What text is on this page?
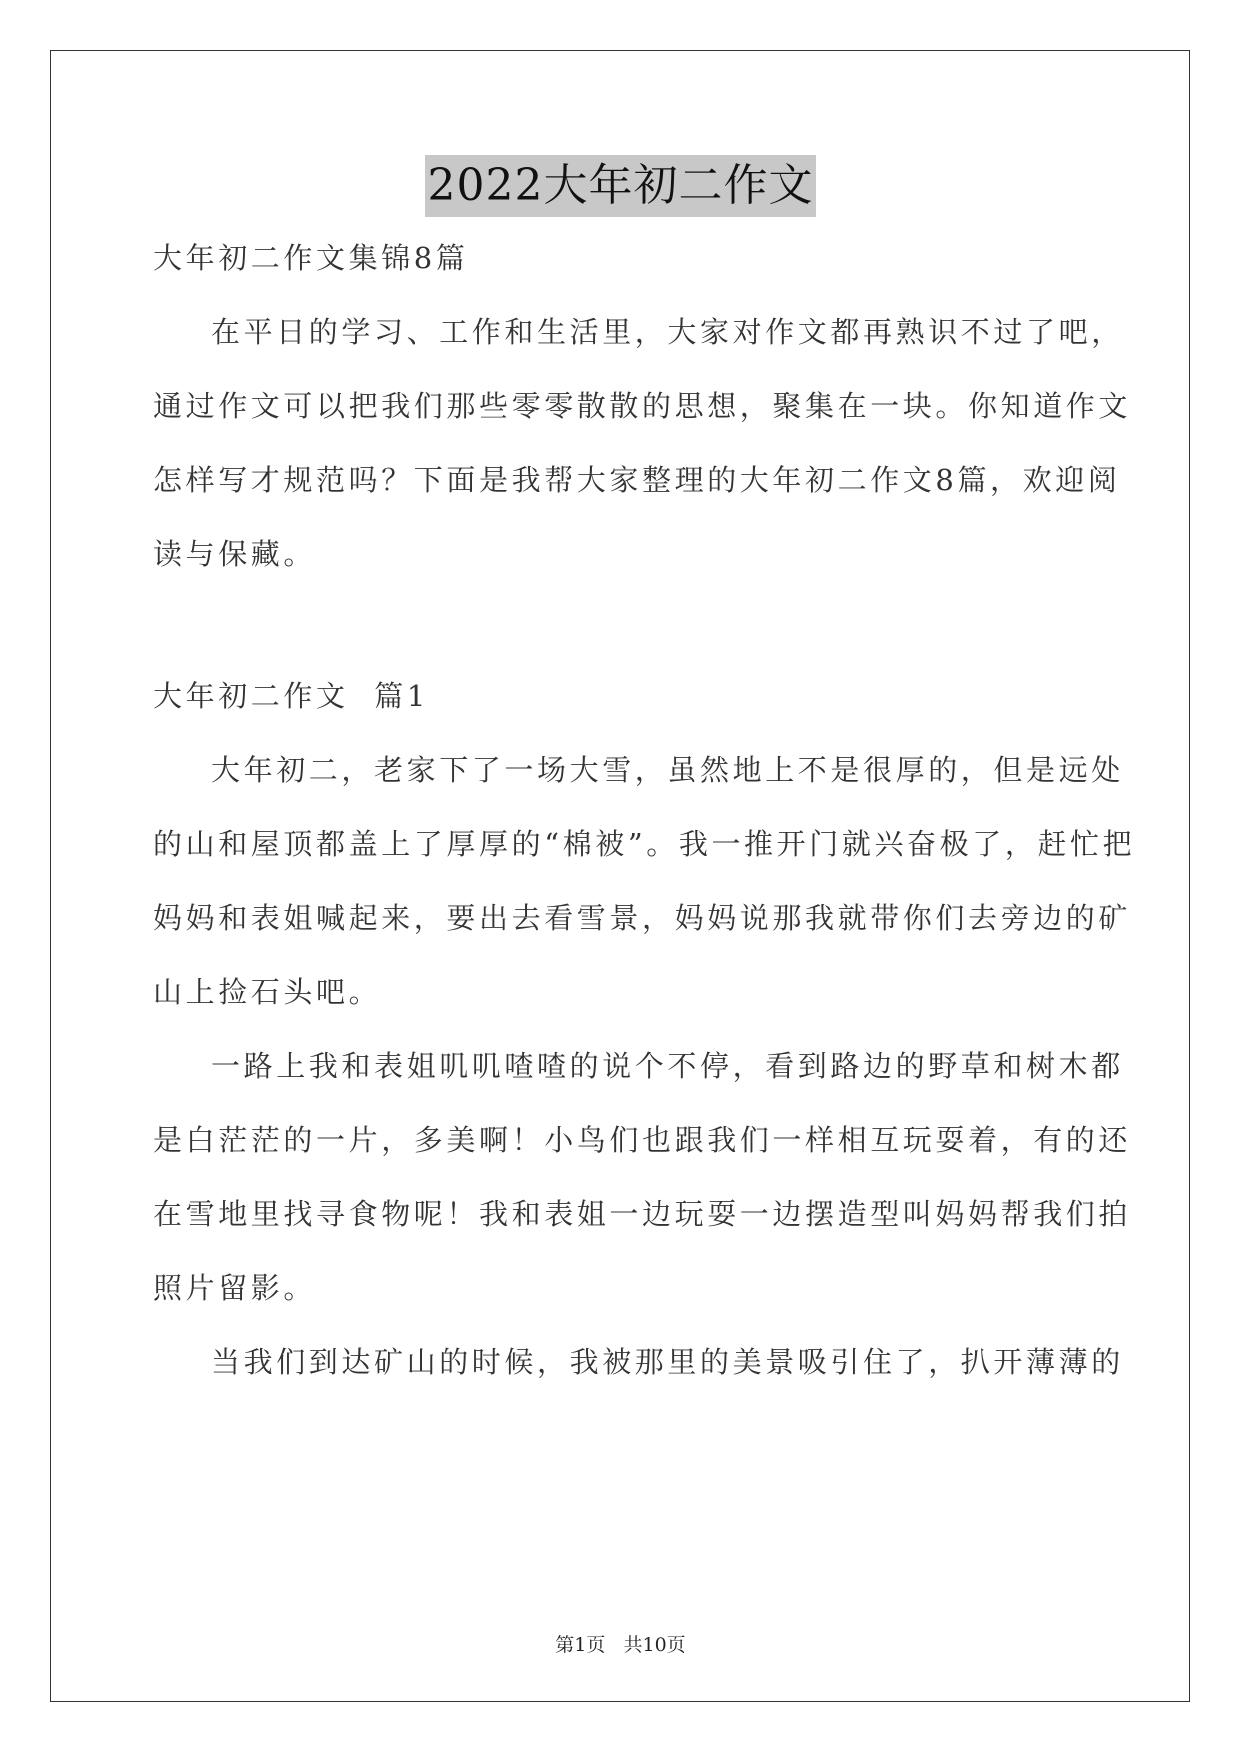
2022大年初二作文

大年初二作文集锦8篇

在平日的学习、工作和生活里，大家对作文都再熟识不过了吧，

通过作文可以把我们那些零零散散的思想，聚集在一块。你知道作文

怎样写才规范吗？下面是我帮大家整理的大年初二作文8篇，欢迎阅

读与保藏。

大年初二作文  篇1

大年初二，老家下了一场大雪，虽然地上不是很厚的，但是远处

的山和屋顶都盖上了厚厚的“棉被”。我一推开门就兴奋极了，赶忙把

妈妈和表姐喊起来，要出去看雪景，妈妈说那我就带你们去旁边的矿

山上捡石头吧。

一路上我和表姐叽叽喳喳的说个不停，看到路边的野草和树木都

是白茫茫的一片，多美啊！小鸟们也跟我们一样相互玩耍着，有的还

在雪地里找寻食物呢！我和表姐一边玩耍一边摆造型叫妈妈帮我们拍

照片留影。

当我们到达矿山的时候，我被那里的美景吸引住了，扒开薄薄的

第1页   共10页
